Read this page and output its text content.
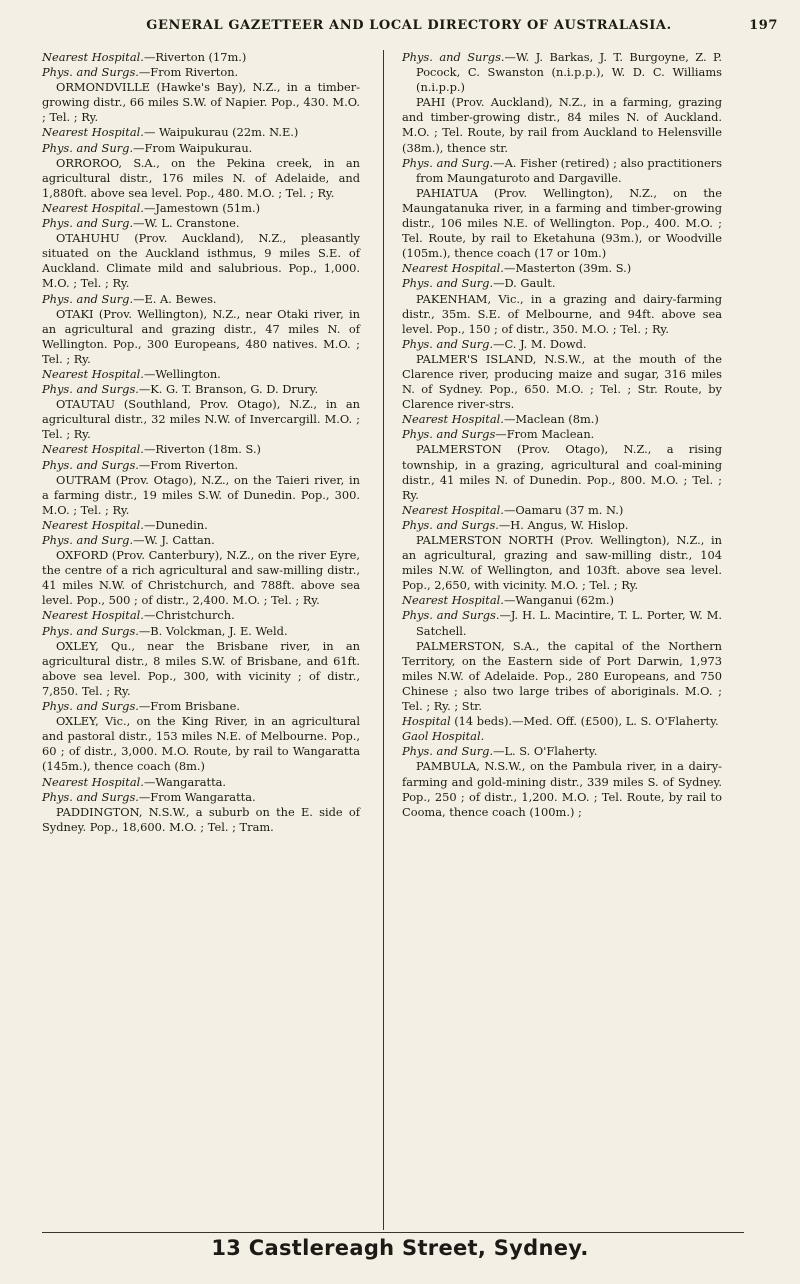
GENERAL GAZETTEER AND LOCAL DIRECTORY OF AUSTRALASIA.	197

Nearest Hospital.—Riverton (17m.)

Phys. and Surgs.—From Riverton.

ORMONDVILLE (Hawke's Bay), N.Z., in a timber-growing distr., 66 miles S.W. of Napier. Pop., 430. M.O. ; Tel. ; Ry.

Nearest Hospital.— Waipukurau (22m. N.E.)

Phys. and Surg.—From Waipukurau.

ORROROO, S.A., on the Pekina creek, in an agricultural distr., 176 miles N. of Adelaide, and 1,880ft. above sea level. Pop., 480. M.O. ; Tel. ; Ry.

Nearest Hospital.—Jamestown (51m.)

Phys. and Surg.—W. L. Cranstone.

OTAHUHU (Prov. Auckland), N.Z., pleasantly situated on the Auckland isthmus, 9 miles S.E. of Auckland. Climate mild and salubrious. Pop., 1,000. M.O. ; Tel. ; Ry.

Phys. and Surg.—E. A. Bewes.

OTAKI (Prov. Wellington), N.Z., near Otaki river, in an agricultural and grazing distr., 47 miles N. of Wellington. Pop., 300 Europeans, 480 natives. M.O. ; Tel. ; Ry.

Nearest Hospital.—Wellington.

Phys. and Surgs.—K. G. T. Branson, G. D. Drury.

OTAUTAU (Southland, Prov. Otago), N.Z., in an agricultural distr., 32 miles N.W. of Invercargill. M.O. ; Tel. ; Ry.

Nearest Hospital.—Riverton (18m. S.)

Phys. and Surgs.—From Riverton.

OUTRAM (Prov. Otago), N.Z., on the Taieri river, in a farming distr., 19 miles S.W. of Dunedin. Pop., 300. M.O. ; Tel. ; Ry.

Nearest Hospital.—Dunedin.

Phys. and Surg.—W. J. Cattan.

OXFORD (Prov. Canterbury), N.Z., on the river Eyre, the centre of a rich agricultural and saw-milling distr., 41 miles N.W. of Christchurch, and 788ft. above sea level. Pop., 500 ; of distr., 2,400. M.O. ; Tel. ; Ry.

Nearest Hospital.—Christchurch.

Phys. and Surgs.—B. Volckman, J. E. Weld.

OXLEY, Qu., near the Brisbane river, in an agricultural distr., 8 miles S.W. of Brisbane, and 61ft. above sea level. Pop., 300, with vicinity ; of distr., 7,850. Tel. ; Ry.

Phys. and Surgs.—From Brisbane.

OXLEY, Vic., on the King River, in an agricultural and pastoral distr., 153 miles N.E. of Melbourne. Pop., 60 ; of distr., 3,000. M.O. Route, by rail to Wangaratta (145m.), thence coach (8m.)

Nearest Hospital.—Wangaratta.

Phys. and Surgs.—From Wangaratta.

PADDINGTON, N.S.W., a suburb on the E. side of Sydney. Pop., 18,600. M.O. ; Tel. ; Tram.

Phys. and Surgs.—W. J. Barkas, J. T. Burgoyne, Z. P. Pocock, C. Swanston (n.i.p.p.), W. D. C. Williams (n.i.p.p.)

PAHI (Prov. Auckland), N.Z., in a farming, grazing and timber-growing distr., 84 miles N. of Auckland. M.O. ; Tel. Route, by rail from Auckland to Helensville (38m.), thence str.

Phys. and Surg.—A. Fisher (retired) ; also practitioners from Maungaturoto and Dargaville.

PAHIATUA (Prov. Wellington), N.Z., on the Maungatanuka river, in a farming and timber-growing distr., 106 miles N.E. of Wellington. Pop., 400. M.O. ; Tel. Route, by rail to Eketahuna (93m.), or Woodville (105m.), thence coach (17 or 10m.)

Nearest Hospital.—Masterton (39m. S.)

Phys. and Surg.—D. Gault.

PAKENHAM, Vic., in a grazing and dairy-farming distr., 35m. S.E. of Melbourne, and 94ft. above sea level. Pop., 150 ; of distr., 350. M.O. ; Tel. ; Ry.

Phys. and Surg.—C. J. M. Dowd.

PALMER'S ISLAND, N.S.W., at the mouth of the Clarence river, producing maize and sugar, 316 miles N. of Sydney. Pop., 650. M.O. ; Tel. ; Str. Route, by Clarence river-strs.

Nearest Hospital.—Maclean (8m.)

Phys. and Surgs—From Maclean.

PALMERSTON (Prov. Otago), N.Z., a rising township, in a grazing, agricultural and coal-mining distr., 41 miles N. of Dunedin. Pop., 800. M.O. ; Tel. ; Ry.

Nearest Hospital.—Oamaru (37 m. N.)

Phys. and Surgs.—H. Angus, W. Hislop.

PALMERSTON NORTH (Prov. Wellington), N.Z., in an agricultural, grazing and saw-milling distr., 104 miles N.W. of Wellington, and 103ft. above sea level. Pop., 2,650, with vicinity. M.O. ; Tel. ; Ry.

Nearest Hospital.—Wanganui (62m.)

Phys. and Surgs.—J. H. L. Macintire, T. L. Porter, W. M. Satchell.

PALMERSTON, S.A., the capital of the Northern Territory, on the Eastern side of Port Darwin, 1,973 miles N.W. of Adelaide. Pop., 280 Europeans, and 750 Chinese ; also two large tribes of aboriginals. M.O. ; Tel. ; Ry. ; Str.

Hospital (14 beds).—Med. Off. (£500), L. S. O'Flaherty.

Gaol Hospital.

Phys. and Surg.—L. S. O'Flaherty.

PAMBULA, N.S.W., on the Pambula river, in a dairy-farming and gold-mining distr., 339 miles S. of Sydney. Pop., 250 ; of distr., 1,200. M.O. ; Tel. Route, by rail to Cooma, thence coach (100m.) ;

13 Castlereagh Street, Sydney.
